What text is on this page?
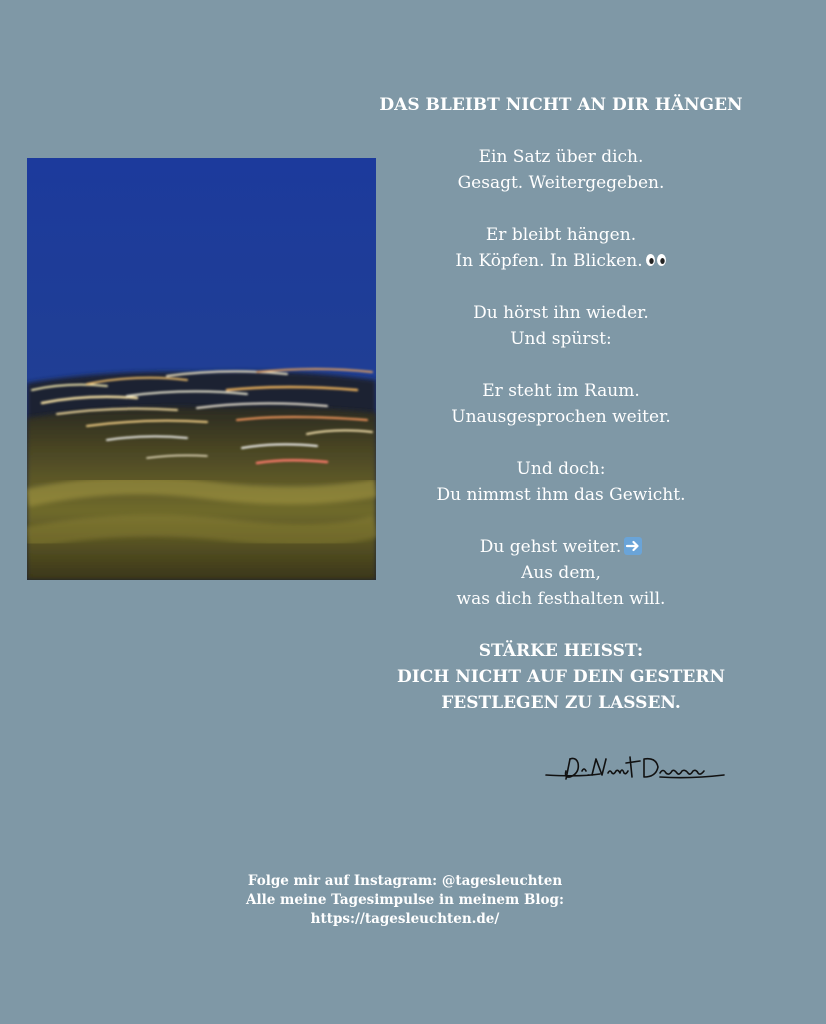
DAS BLEIBT NICHT AN DIR HÄNGEN

Ein Satz über dich.

Gesagt. Weitergegeben.

Er bleibt hängen.

In Köpfen. In Blicken.

Du hörst ihn wieder.

Und spürst:

Er steht im Raum.

Unausgesprochen weiter.

Und doch:

Du nimmst ihm das Gewicht.

Du gehst weiter.

Aus dem,

was dich festhalten will.

STÄRKE HEISST:

DICH NICHT AUF DEIN GESTERN

FESTLEGEN ZU LASSEN.

Folge mir auf Instagram: @tagesleuchten

Alle meine Tagesimpulse in meinem Blog:

https://tagesleuchten.de/
